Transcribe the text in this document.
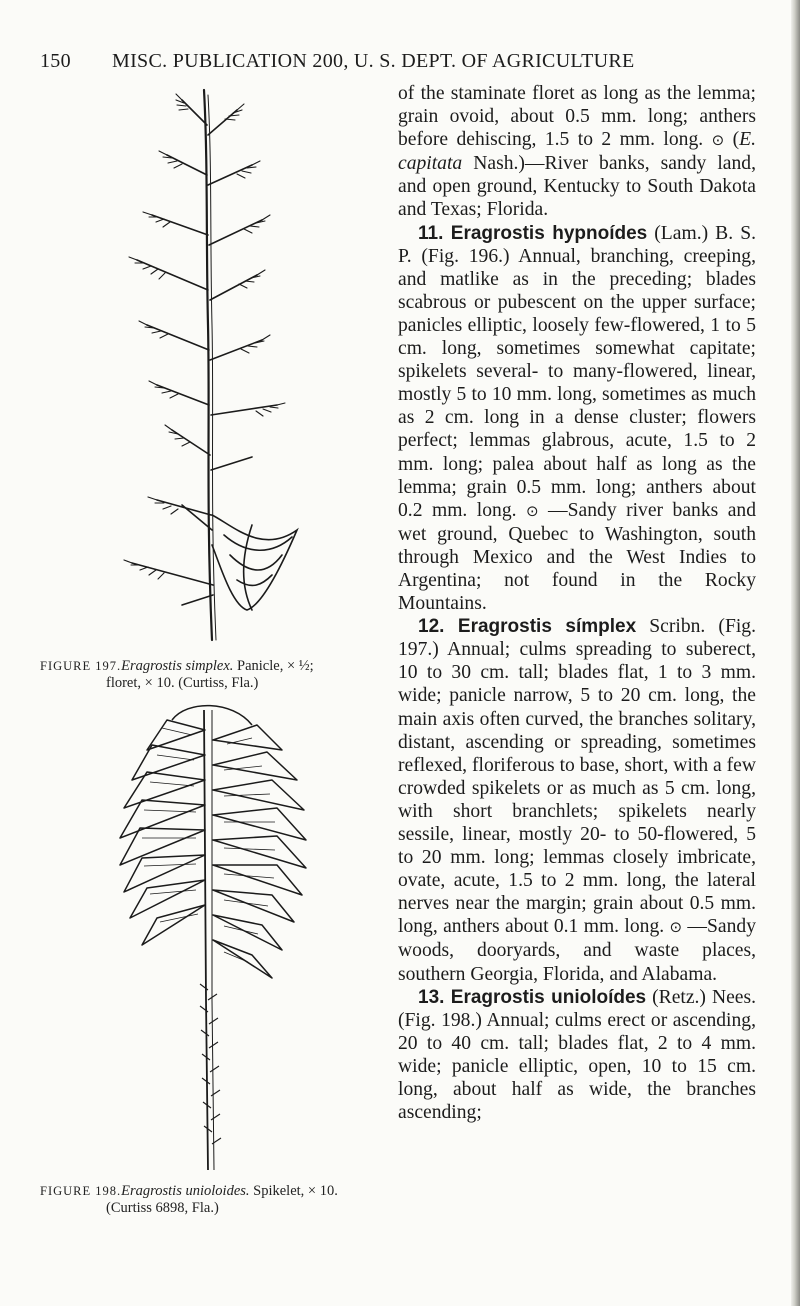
150 MISC. PUBLICATION 200, U. S. DEPT. OF AGRICULTURE
FIGURE 197.Eragrostis simplex. Panicle, × ½;
floret, × 10. (Curtiss, Fla.)
FIGURE 198.Eragrostis unioloides. Spikelet, × 10.
(Curtiss 6898, Fla.)

of the staminate floret as long as the lemma; grain ovoid, about 0.5 mm. long; anthers before dehiscing, 1.5 to 2 mm. long. ⊙ (E. capitata Nash.)—River banks, sandy land, and open ground, Kentucky to South Dakota and Texas; Florida.

11. Eragrostis hypnoídes (Lam.) B. S. P. (Fig. 196.) Annual, branching, creeping, and matlike as in the preceding; blades scabrous or pubescent on the upper surface; panicles elliptic, loosely few-flowered, 1 to 5 cm. long, sometimes somewhat capitate; spikelets several- to many-flowered, linear, mostly 5 to 10 mm. long, sometimes as much as 2 cm. long in a dense cluster; flowers perfect; lemmas glabrous, acute, 1.5 to 2 mm. long; palea about half as long as the lemma; grain 0.5 mm. long; anthers about 0.2 mm. long. ⊙ —Sandy river banks and wet ground, Quebec to Washington, south through Mexico and the West Indies to Argentina; not found in the Rocky Mountains.

12. Eragrostis símplex Scribn. (Fig. 197.) Annual; culms spreading to suberect, 10 to 30 cm. tall; blades flat, 1 to 3 mm. wide; panicle narrow, 5 to 20 cm. long, the main axis often curved, the branches solitary, distant, ascending or spreading, sometimes reflexed, floriferous to base, short, with a few crowded spikelets or as much as 5 cm. long, with short branchlets; spikelets nearly sessile, linear, mostly 20- to 50-flowered, 5 to 20 mm. long; lemmas closely imbricate, ovate, acute, 1.5 to 2 mm. long, the lateral nerves near the margin; grain about 0.5 mm. long, anthers about 0.1 mm. long. ⊙ —Sandy woods, dooryards, and waste places, southern Georgia, Florida, and Alabama.

13. Eragrostis unioloídes (Retz.) Nees. (Fig. 198.) Annual; culms erect or ascending, 20 to 40 cm. tall; blades flat, 2 to 4 mm. wide; panicle elliptic, open, 10 to 15 cm. long, about half as wide, the branches ascending;
